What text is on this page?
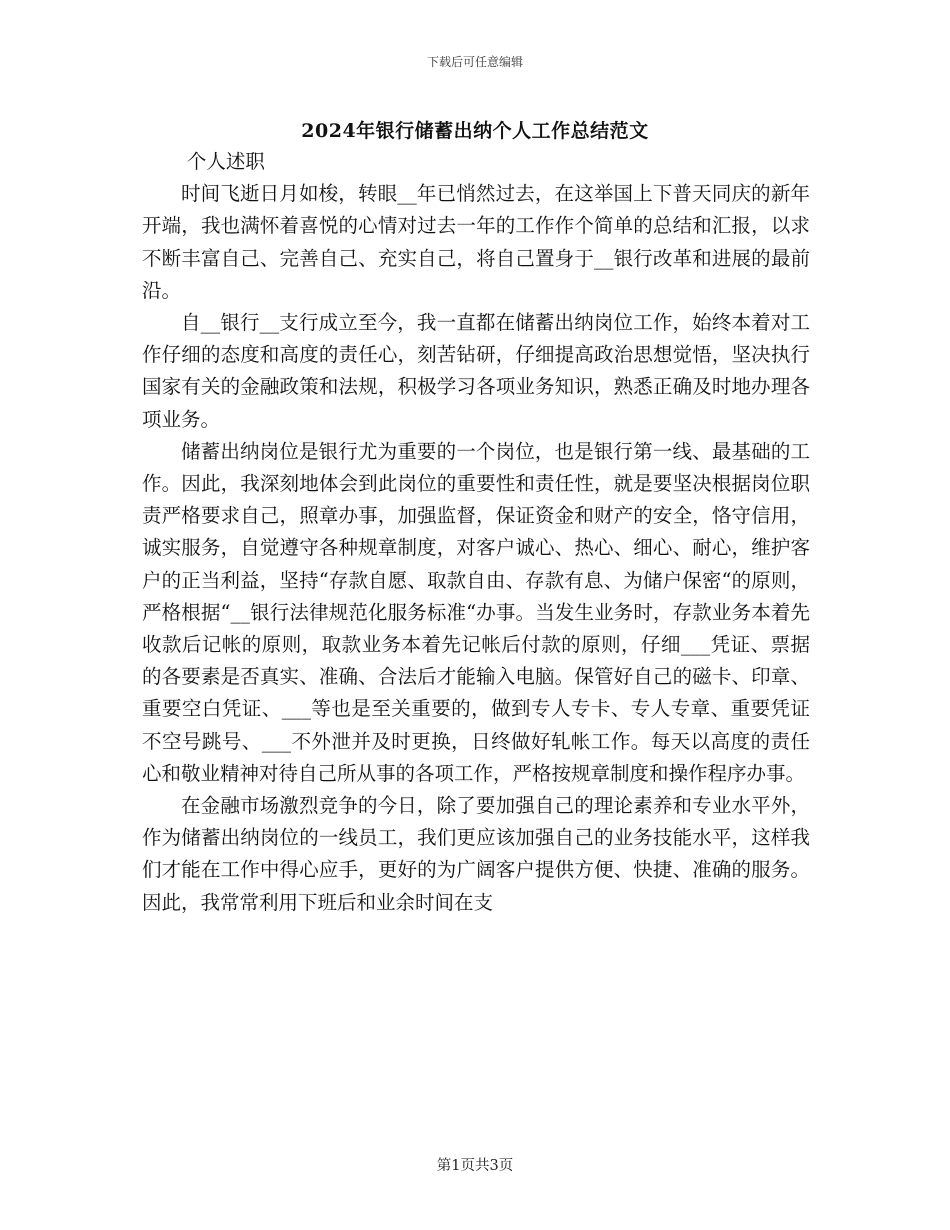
下载后可任意编辑
2024年银行储蓄出纳个人工作总结范文

个人述职

时间飞逝日月如梭，转眼__年已悄然过去，在这举国上下普天同庆的新年开端，我也满怀着喜悦的心情对过去一年的工作作个简单的总结和汇报，以求不断丰富自己、完善自己、充实自己，将自己置身于__银行改革和进展的最前沿。

自__银行__支行成立至今，我一直都在储蓄出纳岗位工作，始终本着对工作仔细的态度和高度的责任心，刻苦钻研，仔细提高政治思想觉悟，坚决执行国家有关的金融政策和法规，积极学习各项业务知识，熟悉正确及时地办理各项业务。

储蓄出纳岗位是银行尤为重要的一个岗位，也是银行第一线、最基础的工作。因此，我深刻地体会到此岗位的重要性和责任性，就是要坚决根据岗位职责严格要求自己，照章办事，加强监督，保证资金和财产的安全，恪守信用，诚实服务，自觉遵守各种规章制度，对客户诚心、热心、细心、耐心，维护客户的正当利益，坚持“存款自愿、取款自由、存款有息、为储户保密“的原则，严格根据“__银行法律规范化服务标准“办事。当发生业务时，存款业务本着先收款后记帐的原则，取款业务本着先记帐后付款的原则，仔细___凭证、票据的各要素是否真实、准确、合法后才能输入电脑。保管好自己的磁卡、印章、重要空白凭证、___等也是至关重要的，做到专人专卡、专人专章、重要凭证不空号跳号、___不外泄并及时更换，日终做好轧帐工作。每天以高度的责任心和敬业精神对待自己所从事的各项工作，严格按规章制度和操作程序办事。

在金融市场激烈竞争的今日，除了要加强自己的理论素养和专业水平外，作为储蓄出纳岗位的一线员工，我们更应该加强自己的业务技能水平，这样我们才能在工作中得心应手，更好的为广阔客户提供方便、快捷、准确的服务。因此，我常常利用下班后和业余时间在支

第1页共3页
